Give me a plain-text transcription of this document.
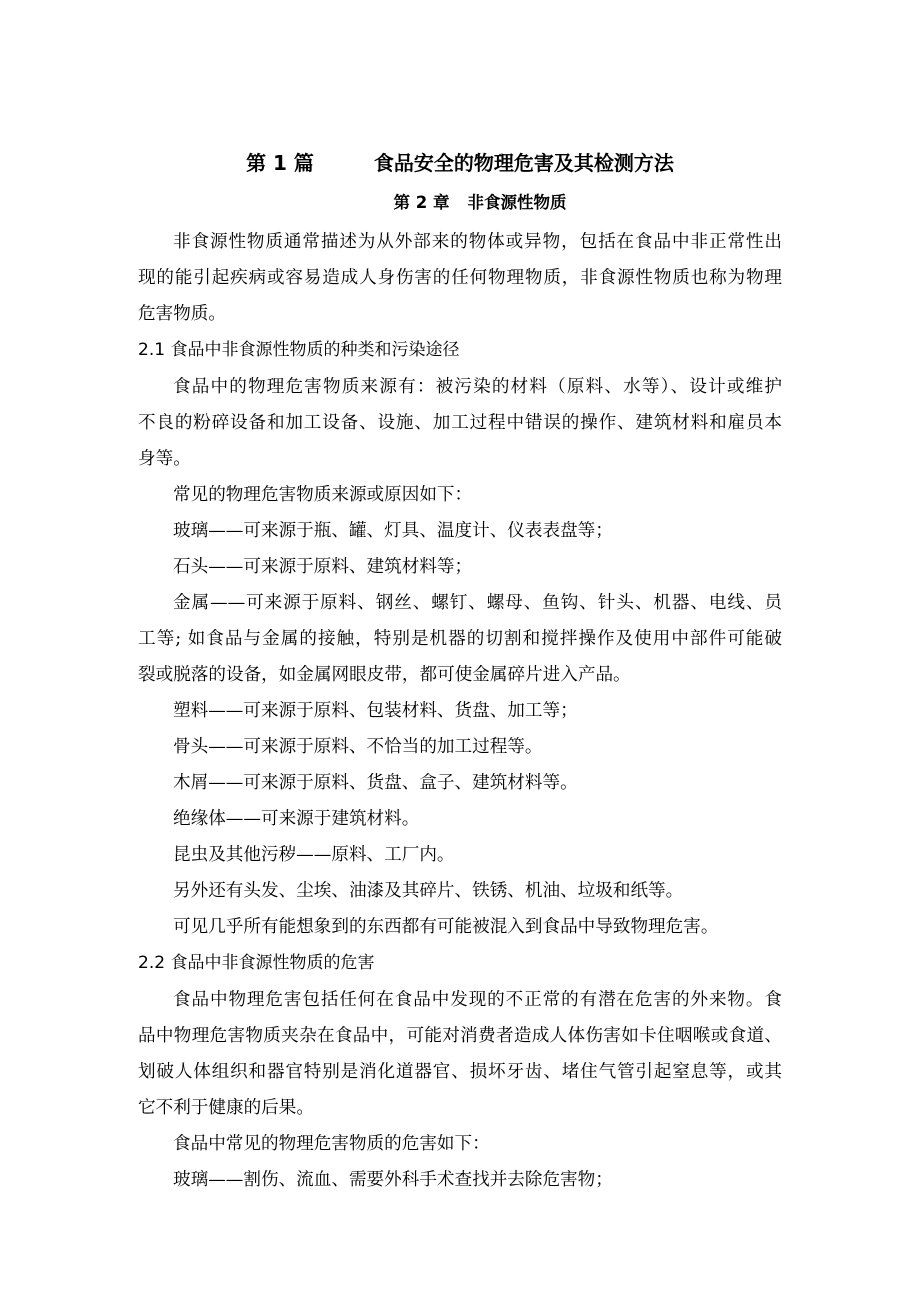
第 1 篇	食品安全的物理危害及其检测方法
第 2 章 非食源性物质
非食源性物质通常描述为从外部来的物体或异物，包括在食品中非正常性出
现的能引起疾病或容易造成人身伤害的任何物理物质，非食源性物质也称为物理
危害物质。
2.1 食品中非食源性物质的种类和污染途径
食品中的物理危害物质来源有：被污染的材料（原料、水等）、设计或维护
不良的粉碎设备和加工设备、设施、加工过程中错误的操作、建筑材料和雇员本
身等。
常见的物理危害物质来源或原因如下：
玻璃——可来源于瓶、罐、灯具、温度计、仪表表盘等；
石头——可来源于原料、建筑材料等；
金属——可来源于原料、钢丝、螺钉、螺母、鱼钩、针头、机器、电线、员
工等; 如食品与金属的接触，特别是机器的切割和搅拌操作及使用中部件可能破
裂或脱落的设备，如金属网眼皮带，都可使金属碎片进入产品。
塑料——可来源于原料、包装材料、货盘、加工等；
骨头——可来源于原料、不恰当的加工过程等。
木屑——可来源于原料、货盘、盒子、建筑材料等。
绝缘体——可来源于建筑材料。
昆虫及其他污秽——原料、工厂内。
另外还有头发、尘埃、油漆及其碎片、铁锈、机油、垃圾和纸等。
可见几乎所有能想象到的东西都有可能被混入到食品中导致物理危害。
2.2 食品中非食源性物质的危害
食品中物理危害包括任何在食品中发现的不正常的有潜在危害的外来物。食
品中物理危害物质夹杂在食品中，可能对消费者造成人体伤害如卡住咽喉或食道、
划破人体组织和器官特别是消化道器官、损坏牙齿、堵住气管引起窒息等，或其
它不利于健康的后果。
食品中常见的物理危害物质的危害如下：
玻璃——割伤、流血、需要外科手术查找并去除危害物；
